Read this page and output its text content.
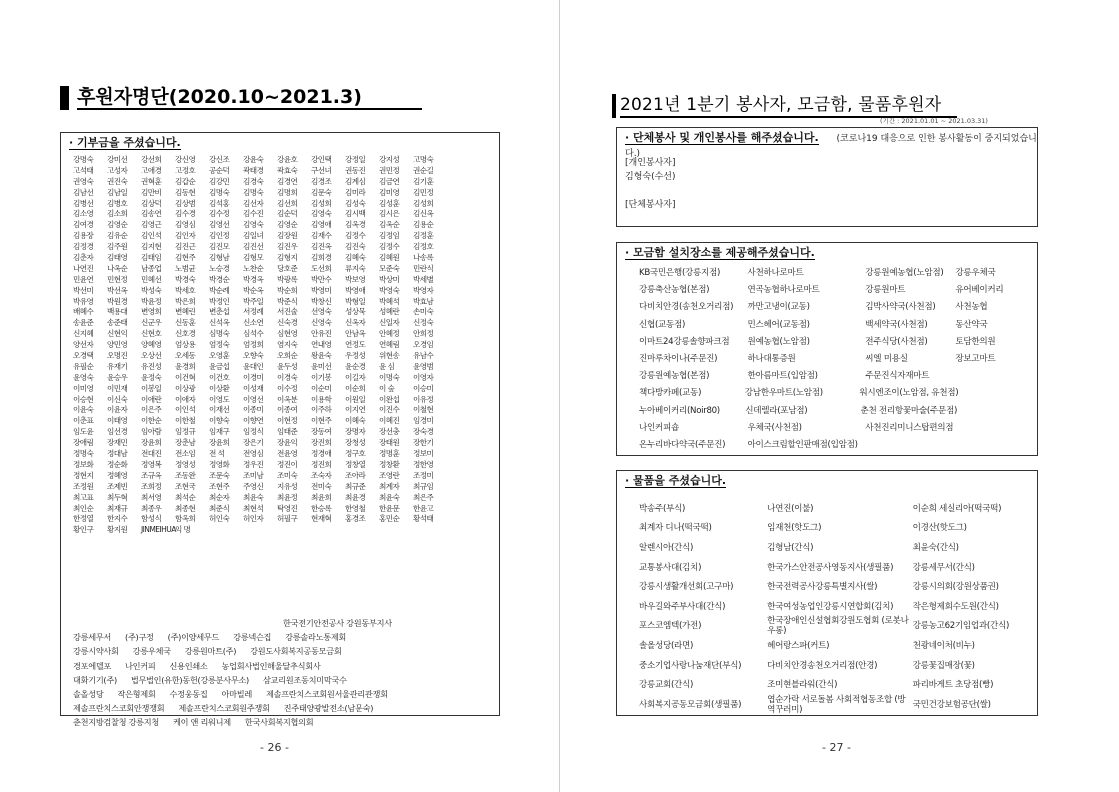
후원자명단(2020.10~2021.3)
· 기부금을 주셨습니다.
강명숙	강미선	강선희	강신영	강신조	강윤숙	강윤호	강인택	강정일	강지성	고명숙
고석태	고성자	고애경	고정호	공순덕	곽태경	곽효숙	구선녀	권동진	권민정	권순길
권영숙	권진숙	권혁훈	김갑순	김강민	김경숙	김경연	김경조	김계심	김금연	김기훈
김남선	김남일	김만비	김동현	김명숙	김명숙	김명희	김문숙	김미라	김미영	김민정
김병선	김병호	김상덕	김상범	김석홍	김선자	김선희	김성희	김성숙	김성훈	김성희
김소영	김소희	김송연	김수경	김수정	김수진	김순덕	김영숙	김시백	김시은	김신옥
김여경	김영순	김영근	김영심	김영선	김영숙	김영순	김영애	김옥경	김옥순	김용순
김용장	김유순	김인석	김인자	김인정	김일녀	김장원	김재수	김정수	김정임	김정훈
김정경	김주원	김지현	김진근	김진모	김진선	김진우	김진옥	김진숙	김정수	김정호
김춘자	김태영	김태임	김현주	김형남	김형모	김형지	김희경	김혜숙	김혜원	나송록
나연진	나옥순	남종업	노범균	노승경	노찬순	당호준	도선희	류지숙	모준숙	민란식
민윤연	민현정	민혜선	박경숙	박경순	박경옥	박광록	박만수	박보영	박상미	박세별
박선미	박선옥	박성숙	박세호	박순례	박순옥	박순희	박영미	박영애	박영숙	박영자
박유영	박원경	박윤정	박은희	박정인	박주일	박준식	박창신	박형일	박혜석	박효남
배혜수	백용대	변영희	변혜린	변춘섭	서정례	서진술	선영숙	성상묵	성혜란	손미숙
송윤준	송준태	신군우	신동훈	신석옥	신소연	신숙경	신영숙	신옥자	신일자	신정숙
신지혜	신현익	신현호	신호경	심명숙	심석수	심현영	안유진	안남옥	안혜정	안희정
양선자	양민영	양혜영	엄상용	엄정숙	엄정희	염지숙	연내영	연정도	연혜림	오경임
오경택	오명진	오상선	오세동	오영훈	오향숙	오희순	왕윤숙	우정성	위현송	유남수
유필순	유재기	유진성	윤경희	윤금섭	윤대인	윤두성	윤미선	윤순경	윤 심	윤영범
윤영숙	윤승우	윤정숙	이건혁	이건호	이경미	이경숙	이기봉	이길자	이명숙	이영자
이미영	이민재	이봉일	이상광	이상환	이성재	이수정	이순미	이순희	이 숲	이승미
이승현	이신숙	이애란	이애자	이영도	이영선	이옥분	이용학	이원일	이완섭	이유정
이윤숙	이윤자	이은주	이인석	이재선	이종미	이종여	이주하	이지연	이진수	이철현
이춘표	이태영	이한순	이한철	이향숙	이향연	이현정	이현주	이혜숙	이혜진	임경미
임도윤	임선경	임아람	임정규	임재구	임정식	임태준	장동여	장명자	장선충	장숙경
장애림	장재민	장윤희	장춘남	장윤희	장은기	장윤익	장진희	장청성	장태원	장한기
정명숙	정대남	전대진	전소임	전 석	전영심	전윤영	정경애	정구호	정명훈	정보미
정보화	정순화	정영복	정영성	정영화	정우진	정진이	정진희	정창열	정창환	정한영
정현지	정혜영	조규옥	조동완	조문숙	조미남	조미숙	조숙자	조아라	조영란	조정미
조정원	조제빈	조희정	조현국	조현주	주영신	지유성	전미숙	최규준	최계자	최규임
최고표	최두혁	최서영	최석순	최순자	최윤숙	최윤정	최윤희	최윤경	최윤숙	최은주
최인순	최재규	최종우	최종현	최준식	최현석	탁영진	한승록	한영철	한윤문	한윤고
한정열	한지수	함성식	함옥희	허인숙	허인자	허필구	현재혁	홍경조	홍민순	황석태
황인구	황지원	JINMEIHUA 익 명
한국전기안전공사 강원동부지사
강릉세무서 (주)구정 (주)이양세무드 강릉넥슨집 강릉솔라노통제회
강릉시약사회 강릉우체국 강릉원마트(주) 강원도사회복지공동모금회
경포에델포 나인커피 신용인쇄소 농업회사법인해울달추식회사
대화기기(주) 법무법인(유한)동헌(강릉분사무소) 삼교리원조동치미막국수
솔올성당 작은형제회 수정웅동집 아마빌레 제솔프란치스코회원서울관리관쟁회
제솔프란치스코회안쟁쟁회 제솔프란치스코회원주쟁회 진주태양광발전소(남문숙)
춘천지방검찰청 강릉지청 케이 앤 리워니제 한국사회복지협의회
- 26 -
2021년 1분기 봉사자, 모금함, 물품후원자
(기간 : 2021.01.01 ~ 2021.03.31)
· 단체봉사 및 개인봉사를 해주셨습니다. (코로나19 대응으로 인한 봉사활동이 중지되었습니다.)
[개인봉사자]
김형숙(수선)
[단체봉사자]
· 모금함 설치장소를 제공해주셨습니다.
KB국민은행(강릉지점)	사천하나로마트	강릉원예농협(노암점)	강릉우체국
강릉축산농협(본점)	연곡농협하나로마트	강릉원마트	유어베이커리
다비치안경(송천오거리점)	까만고냉이(교동)	김박사약국(사천점)	사천농협
신협(교동점)	민스헤어(교동점)	백세약국(사천점)	동산약국
이마트24강릉솔향파크점	원예농협(노암점)	전주식당(사천점)	토담한의원
진마루차이나(주문진)	하나대통증원	씨엘 미용실	장보고마트
강릉원예농협(본점)	한아름마트(입암점)	주문진식자재마트
책다방카페(교동)	강남한우마트(노암점)	워시엔조이(노암점, 유천점)
누아베이커리(Noir80)	신데렐라(포남점)	춘천 전리항꽃마술(주문점)
나인커피숍	우체국(사천점)	사천진리미니스탑편의점
온누리바다약국(주문진)	아이스크림할인판매점(입암점)
· 물품을 주셨습니다.
박송주(부식)	나연진(이불)	이순희 세실리아(떡국떡)
최계자 디나(떡국떡)	임재천(핫도그)	이경산(핫도그)
알렌시아(간식)	김형남(간식)	최윤숙(간식)
교통봉사대(김치)	한국가스안전공사영동지사(생필품)	강릉세무서(간식)
강릉시생활개선회(고구마)	한국전력공사강릉특별지사(쌀)	강릉시의회(강원상품권)
바우길와주부사대(간식)	한국여성농업인강릉시연합회(김치)	작은형제회수도원(간식)
포스코엠텍(가전)	한국장애인신설협회강원도협회 (로봇나우롱)	강릉농고62기임업과(간식)
솔올성당(라면)	헤어랑스파(커트)	천광네이처(비누)
중소기업사랑나눔재단(부식)	다비치안경송천오거리점(안경)	강릉꽃집매장(꽃)
강릉교회(간식)	조미현블라워(간식)	파리바게트 초당점(빵)
사회복지공동모금회(생필품)	엽순가락 서로돌봄 사회적협동조합 (방역꾸러미)	국민건강보험공단(쌀)
- 27 -
